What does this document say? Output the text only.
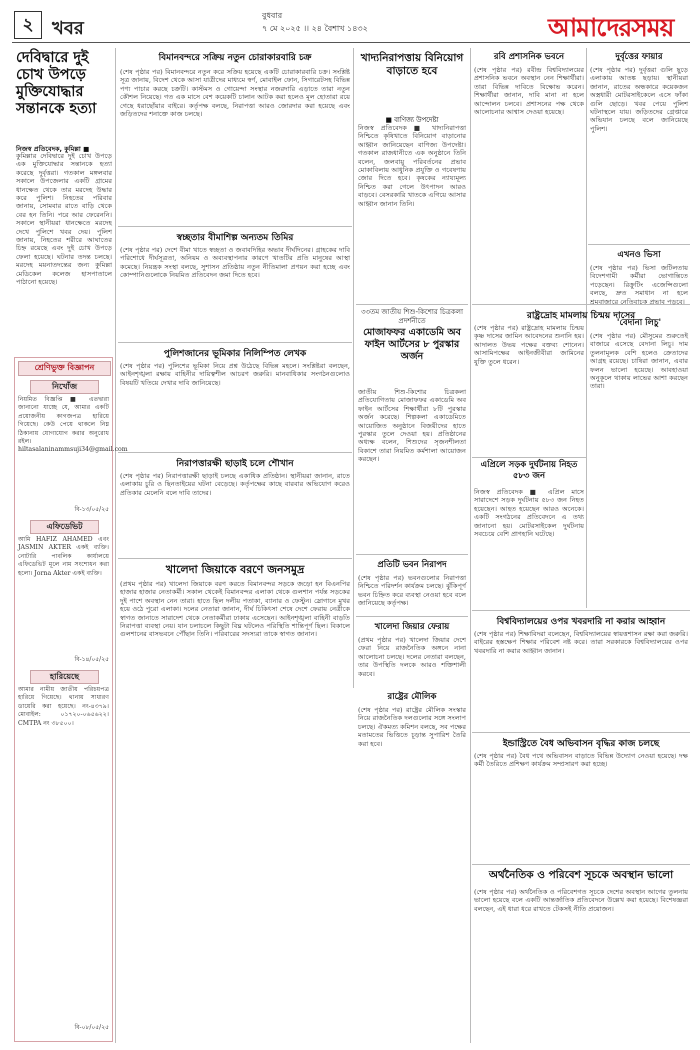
২	খবর
বুধবার
৭ মে ২০২৫ ।। ২৪ বৈশাখ ১৪৩২	আমাদেরসময়
দেবিদ্বারে দুই চোখ উপড়ে মুক্তিযোদ্ধার সন্তানকে হত্যা
নিজস্ব প্রতিবেদক, কুমিল্লা ■
কুমিল্লার দেবিদ্বারে দুই চোখ উপড়ে এক মুক্তিযোদ্ধার সন্তানকে হত্যা করেছে দুর্বৃত্তরা। গতকাল মঙ্গলবার সকালে উপজেলার একটি গ্রামের ধানক্ষেত থেকে তার মরদেহ উদ্ধার করে পুলিশ। নিহতের পরিবার জানায়, সোমবার রাতে বাড়ি থেকে বের হন তিনি। পরে আর ফেরেননি। সকালে স্থানীয়রা ধানক্ষেতে মরদেহ দেখে পুলিশে খবর দেয়। পুলিশ জানায়, নিহতের শরীরে আঘাতের চিহ্ন রয়েছে এবং দুই চোখ উপড়ে ফেলা হয়েছে। ঘটনার তদন্ত চলছে। মরদেহ ময়নাতদন্তের জন্য কুমিল্লা মেডিকেল কলেজ হাসপাতালে পাঠানো হয়েছে।
শ্রেণিভুক্ত বিজ্ঞাপন
নিখোঁজ
নিয়মিত বিজ্ঞপ্তি ■ এতদ্বারা জানানো যাচ্ছে যে, আমার একটি প্রয়োজনীয় কাগজপত্র হারিয়ে গিয়েছে। কেউ পেয়ে থাকলে নিম্ন ঠিকানায় যোগাযোগ করার অনুরোধ রইল। hiltasalaninammsuji34@gmail.com
বি-১৩/০৫/২৫
এফিডেভিট
আমি HAFIZ AHAMED এবং JASMIN AKTER একই ব্যক্তি। নোটারি পাবলিক কার্যালয়ে এফিডেভিট মূলে নাম সংশোধন করা হলো। Jorna Akter একই ব্যক্তি।
বি-১৪/০৫/২৫
হারিয়েছে
আমার নামীয় জাতীয় পরিচয়পত্র হারিয়ে গিয়েছে। থানায় সাধারণ ডায়েরি করা হয়েছে। নং-৪৩৭৯। মোবাইল: ০১৭২০-০৬৫৬২২। CMTPA নং ৩৮৫০০।
বি-০৮/০৫/২৫
বিমানবন্দরে সক্রিয় নতুন চোরাকারবারি চক্র
(শেষ পৃষ্ঠার পর) বিমানবন্দরে নতুন করে সক্রিয় হয়েছে একটি চোরাকারবারি চক্র। সংশ্লিষ্ট সূত্র জানায়, বিদেশ থেকে আসা যাত্রীদের মাধ্যমে স্বর্ণ, মোবাইল ফোন, সিগারেটসহ বিভিন্ন পণ্য পাচার করছে চক্রটি। কাস্টমস ও গোয়েন্দা সংস্থার নজরদারি এড়াতে তারা নতুন কৌশল নিয়েছে। গত এক মাসে বেশ কয়েকটি চালান আটক করা হলেও মূল হোতারা রয়ে গেছে ধরাছোঁয়ার বাইরে। কর্তৃপক্ষ বলছে, নিরাপত্তা আরও জোরদার করা হয়েছে এবং জড়িতদের শনাক্তে কাজ চলছে।
স্বচ্ছতার বীমাশিল্প অন্যতম তিমির
(শেষ পৃষ্ঠার পর) দেশে বীমা খাতে স্বচ্ছতা ও জবাবদিহির অভাব দীর্ঘদিনের। গ্রাহকের দাবি পরিশোধে দীর্ঘসূত্রতা, অনিয়ম ও অব্যবস্থাপনার কারণে খাতটির প্রতি মানুষের আস্থা কমেছে। নিয়ন্ত্রক সংস্থা বলছে, সুশাসন প্রতিষ্ঠায় নতুন নীতিমালা প্রণয়ন করা হচ্ছে এবং কোম্পানিগুলোকে নিয়মিত প্রতিবেদন জমা দিতে হবে।
পুলিশজানের ভূমিকার নিলিম্পিত লেখক
(শেষ পৃষ্ঠার পর) পুলিশের ভূমিকা নিয়ে প্রশ্ন উঠেছে বিভিন্ন মহলে। সংশ্লিষ্টরা বলছেন, আইনশৃঙ্খলা রক্ষায় বাহিনীর দায়িত্বশীল আচরণ জরুরি। মানবাধিকার সংগঠনগুলোও বিষয়টি খতিয়ে দেখার দাবি জানিয়েছে।
নিরাপত্তারক্ষী ছাড়াই চলে শৌখান
(শেষ পৃষ্ঠার পর) নিরাপত্তারক্ষী ছাড়াই চলছে একাধিক প্রতিষ্ঠান। স্থানীয়রা জানান, রাতে এলাকায় চুরি ও ছিনতাইয়ের ঘটনা বেড়েছে। কর্তৃপক্ষের কাছে বারবার অভিযোগ করেও প্রতিকার মেলেনি বলে দাবি তাদের।
খালেদা জিয়াকে বরণে জনসমুদ্র
(প্রথম পৃষ্ঠার পর) খালেদা জিয়াকে বরণ করতে বিমানবন্দর সড়কে জড়ো হন বিএনপির হাজার হাজার নেতাকর্মী। সকাল থেকেই বিমানবন্দর এলাকা থেকে গুলশান পর্যন্ত সড়কের দুই পাশে অবস্থান নেন তারা। হাতে ছিল দলীয় পতাকা, ব্যানার ও ফেস্টুন। স্লোগানে মুখর হয়ে ওঠে পুরো এলাকা। দলের নেতারা জানান, দীর্ঘ চিকিৎসা শেষে দেশে ফেরায় নেত্রীকে স্বাগত জানাতে সারাদেশ থেকে নেতাকর্মীরা ঢাকায় এসেছেন। আইনশৃঙ্খলা বাহিনী বাড়তি নিরাপত্তা ব্যবস্থা নেয়। যান চলাচলে কিছুটা বিঘ্ন ঘটলেও পরিস্থিতি শান্তিপূর্ণ ছিল। বিকালে গুলশানের বাসভবনে পৌঁছান তিনি। পরিবারের সদস্যরা তাকে স্বাগত জানান।
খাদ্যনিরাপত্তায় বিনিয়োগ বাড়াতে হবে
■ বাণিজ্য উপদেষ্টা
নিজস্ব প্রতিবেদক ■ খাদ্যনিরাপত্তা নিশ্চিতে কৃষিখাতে বিনিয়োগ বাড়ানোর আহ্বান জানিয়েছেন বাণিজ্য উপদেষ্টা। গতকাল রাজধানীতে এক অনুষ্ঠানে তিনি বলেন, জলবায়ু পরিবর্তনের প্রভাব মোকাবিলায় আধুনিক প্রযুক্তি ও গবেষণায় জোর দিতে হবে। কৃষকের ন্যায্যমূল্য নিশ্চিত করা গেলে উৎপাদন আরও বাড়বে। বেসরকারি খাতকে এগিয়ে আসার আহ্বান জানান তিনি।
৩৩তম জাতীয় শিশু-কিশোর চিত্রকলা প্রদর্শনীতে
মোজাফফর একাডেমি অব ফাইন আর্টসের ৮ পুরস্কার অর্জন
জাতীয় শিশু-কিশোর চিত্রকলা প্রতিযোগিতায় মোজাফফর একাডেমি অব ফাইন আর্টসের শিক্ষার্থীরা ৮টি পুরস্কার অর্জন করেছে। শিল্পকলা একাডেমিতে আয়োজিত অনুষ্ঠানে বিজয়ীদের হাতে পুরস্কার তুলে দেওয়া হয়। প্রতিষ্ঠানের অধ্যক্ষ বলেন, শিশুদের সৃজনশীলতা বিকাশে তারা নিয়মিত কর্মশালা আয়োজন করছেন।
প্রতিটি ভবন নিরাপদ
(শেষ পৃষ্ঠার পর) ভবনগুলোর নিরাপত্তা নিশ্চিতে পরিদর্শন কার্যক্রম চলছে। ঝুঁকিপূর্ণ ভবন চিহ্নিত করে ব্যবস্থা নেওয়া হবে বলে জানিয়েছে কর্তৃপক্ষ।
খালেদা জিয়ার ফেরায়
(প্রথম পৃষ্ঠার পর) খালেদা জিয়ার দেশে ফেরা নিয়ে রাজনৈতিক অঙ্গনে নানা আলোচনা চলছে। দলের নেতারা বলছেন, তার উপস্থিতি দলকে আরও শক্তিশালী করবে।
রাষ্ট্রের মৌলিক
(শেষ পৃষ্ঠার পর) রাষ্ট্রের মৌলিক সংস্কার নিয়ে রাজনৈতিক দলগুলোর সঙ্গে সংলাপ চলছে। ঐকমত্য কমিশন বলছে, সব পক্ষের মতামতের ভিত্তিতে চূড়ান্ত সুপারিশ তৈরি করা হবে।
রবি প্রশাসনিক ভবনে
(শেষ পৃষ্ঠার পর) রবীন্দ্র বিশ্ববিদ্যালয়ের প্রশাসনিক ভবনে অবস্থান নেন শিক্ষার্থীরা। তারা বিভিন্ন দাবিতে বিক্ষোভ করেন। শিক্ষার্থীরা জানান, দাবি মানা না হলে আন্দোলন চলবে। প্রশাসনের পক্ষ থেকে আলোচনার আশ্বাস দেওয়া হয়েছে।
রাষ্ট্রদ্রোহ মামলায় চিন্ময় দাসের
(শেষ পৃষ্ঠার পর) রাষ্ট্রদ্রোহ মামলায় চিন্ময় কৃষ্ণ দাসের জামিন আবেদনের শুনানি হয়। আদালত উভয় পক্ষের বক্তব্য শোনেন। আসামিপক্ষের আইনজীবীরা জামিনের যুক্তি তুলে ধরেন।
এপ্রিলে সড়ক দুর্ঘটনায় নিহত ৫৮৩ জন
নিজস্ব প্রতিবেদক ■ এপ্রিল মাসে সারাদেশে সড়ক দুর্ঘটনায় ৫৮৩ জন নিহত হয়েছেন। আহত হয়েছেন আরও অনেকে। একটি সংগঠনের প্রতিবেদনে এ তথ্য জানানো হয়। মোটরসাইকেল দুর্ঘটনায় সবচেয়ে বেশি প্রাণহানি ঘটেছে।
বিশ্ববিদ্যালয়ের ওপর খবরদারি না করার আহ্বান
(শেষ পৃষ্ঠার পর) শিক্ষাবিদরা বলেছেন, বিশ্ববিদ্যালয়ের স্বায়ত্তশাসন রক্ষা করা জরুরি। বাইরের হস্তক্ষেপ শিক্ষার পরিবেশ নষ্ট করে। তারা সরকারকে বিশ্ববিদ্যালয়ের ওপর খবরদারি না করার আহ্বান জানান।
ইন্ডাস্ট্রিতে বৈধ অভিবাসন বৃদ্ধির কাজ চলছে
(শেষ পৃষ্ঠার পর) বৈধ পথে অভিবাসন বাড়াতে বিভিন্ন উদ্যোগ নেওয়া হয়েছে। দক্ষ কর্মী তৈরিতে প্রশিক্ষণ কার্যক্রম সম্প্রসারণ করা হচ্ছে।
অর্থনৈতিক ও পরিবেশ সূচকে অবস্থান ভালো
(শেষ পৃষ্ঠার পর) অর্থনৈতিক ও পরিবেশগত সূচকে দেশের অবস্থান আগের তুলনায় ভালো হয়েছে বলে একটি আন্তর্জাতিক প্রতিবেদনে উল্লেখ করা হয়েছে। বিশেষজ্ঞরা বলছেন, এই ধারা ধরে রাখতে টেকসই নীতি প্রয়োজন।
দুর্বৃত্তের ফায়ার
(শেষ পৃষ্ঠার পর) দুর্বৃত্তরা গুলি ছুড়ে এলাকায় আতঙ্ক ছড়ায়। স্থানীয়রা জানান, রাতের অন্ধকারে কয়েকজন অস্ত্রধারী মোটরসাইকেলে এসে ফাঁকা গুলি ছোড়ে। খবর পেয়ে পুলিশ ঘটনাস্থলে যায়। জড়িতদের গ্রেপ্তারে অভিযান চলছে বলে জানিয়েছে পুলিশ।
এখনও ভিসা
(শেষ পৃষ্ঠার পর) ভিসা জটিলতায় বিদেশগামী কর্মীরা ভোগান্তিতে পড়েছেন। রিক্রুটিং এজেন্সিগুলো বলছে, দ্রুত সমাধান না হলে শ্রমবাজারে নেতিবাচক প্রভাব পড়বে।
'বেদানা লিচু'
(শেষ পৃষ্ঠার পর) মৌসুমের শুরুতেই বাজারে এসেছে বেদানা লিচু। দাম তুলনামূলক বেশি হলেও ক্রেতাদের আগ্রহ রয়েছে। চাষিরা জানান, এবার ফলন ভালো হয়েছে। আবহাওয়া অনুকূলে থাকায় লাভের আশা করছেন তারা।
